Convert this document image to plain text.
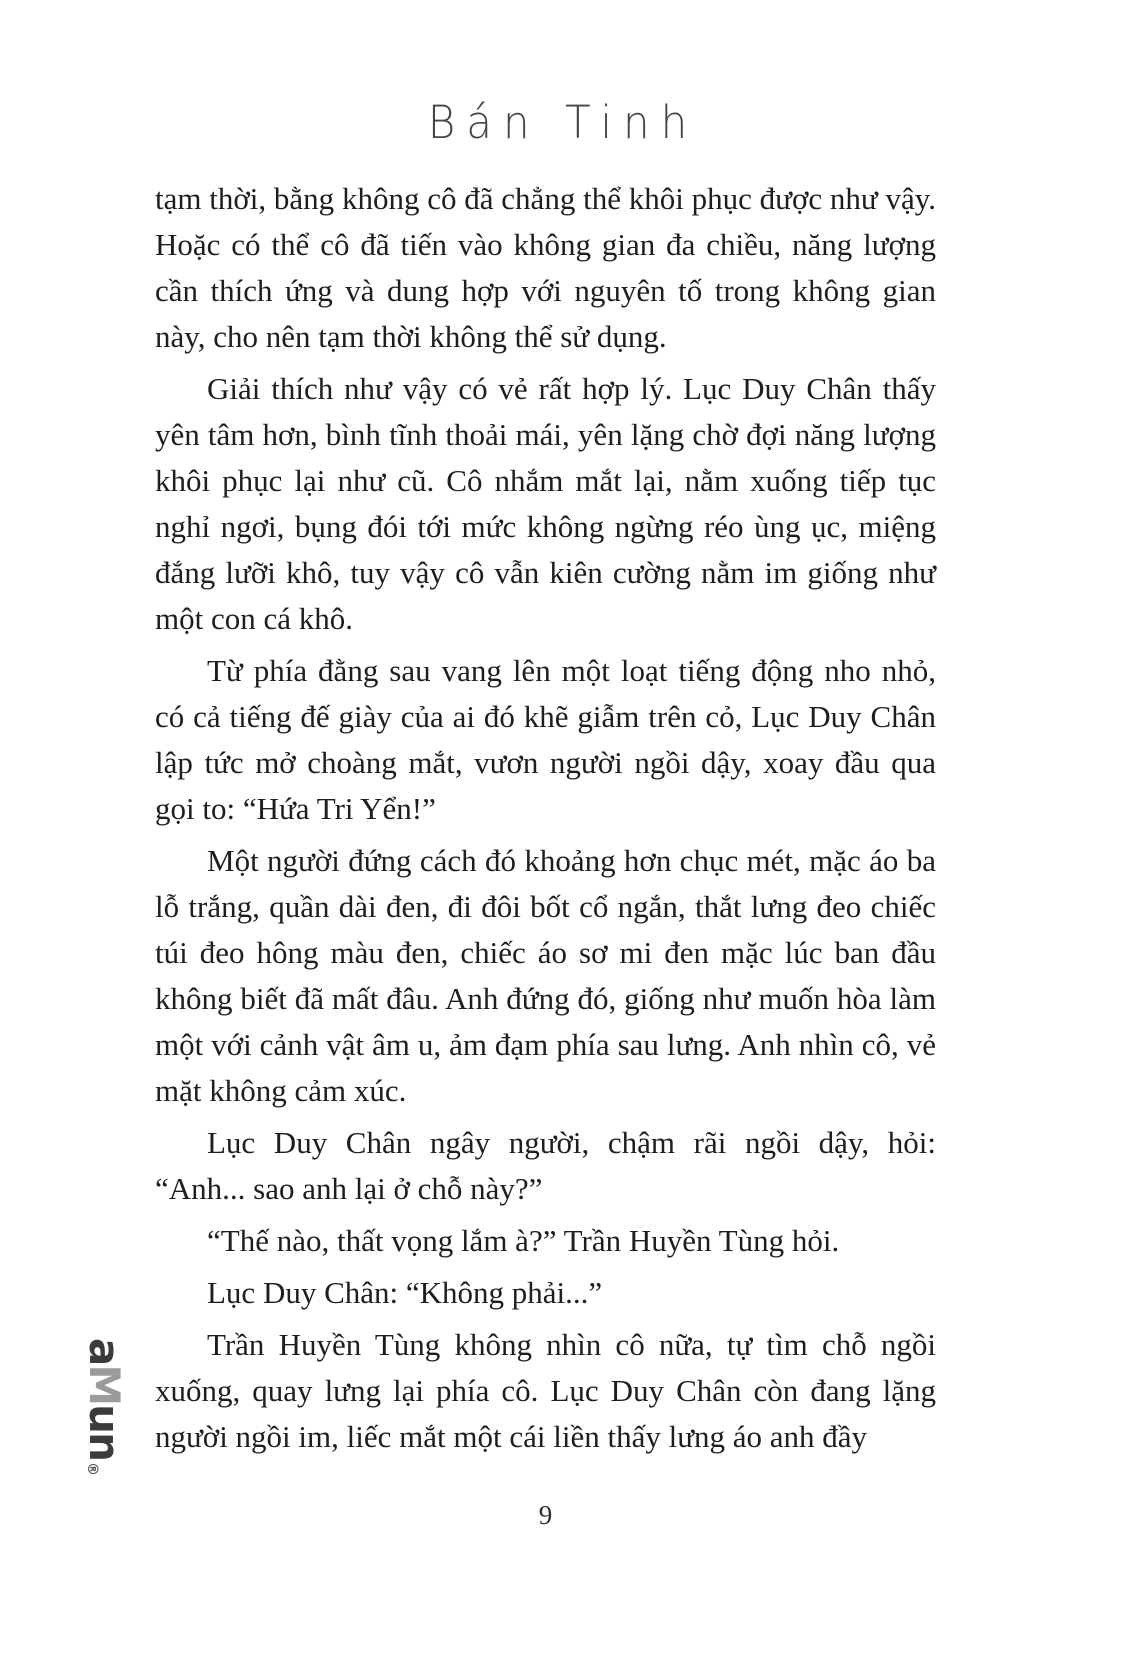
Bán Tinh

tạm thời, bằng không cô đã chẳng thể khôi phục được như vậy. Hoặc có thể cô đã tiến vào không gian đa chiều, năng lượng cần thích ứng và dung hợp với nguyên tố trong không gian này, cho nên tạm thời không thể sử dụng.

Giải thích như vậy có vẻ rất hợp lý. Lục Duy Chân thấy yên tâm hơn, bình tĩnh thoải mái, yên lặng chờ đợi năng lượng khôi phục lại như cũ. Cô nhắm mắt lại, nằm xuống tiếp tục nghỉ ngơi, bụng đói tới mức không ngừng réo ùng ục, miệng đắng lưỡi khô, tuy vậy cô vẫn kiên cường nằm im giống như một con cá khô.

Từ phía đằng sau vang lên một loạt tiếng động nho nhỏ, có cả tiếng đế giày của ai đó khẽ giẫm trên cỏ, Lục Duy Chân lập tức mở choàng mắt, vươn người ngồi dậy, xoay đầu qua gọi to: “Hứa Tri Yển!”

Một người đứng cách đó khoảng hơn chục mét, mặc áo ba lỗ trắng, quần dài đen, đi đôi bốt cổ ngắn, thắt lưng đeo chiếc túi đeo hông màu đen, chiếc áo sơ mi đen mặc lúc ban đầu không biết đã mất đâu. Anh đứng đó, giống như muốn hòa làm một với cảnh vật âm u, ảm đạm phía sau lưng. Anh nhìn cô, vẻ mặt không cảm xúc.

Lục Duy Chân ngây người, chậm rãi ngồi dậy, hỏi: “Anh... sao anh lại ở chỗ này?”

“Thế nào, thất vọng lắm à?” Trần Huyền Tùng hỏi.

Lục Duy Chân: “Không phải...”

Trần Huyền Tùng không nhìn cô nữa, tự tìm chỗ ngồi xuống, quay lưng lại phía cô. Lục Duy Chân còn đang lặng người ngồi im, liếc mắt một cái liền thấy lưng áo anh đầy

a
M
u
n
®
9
